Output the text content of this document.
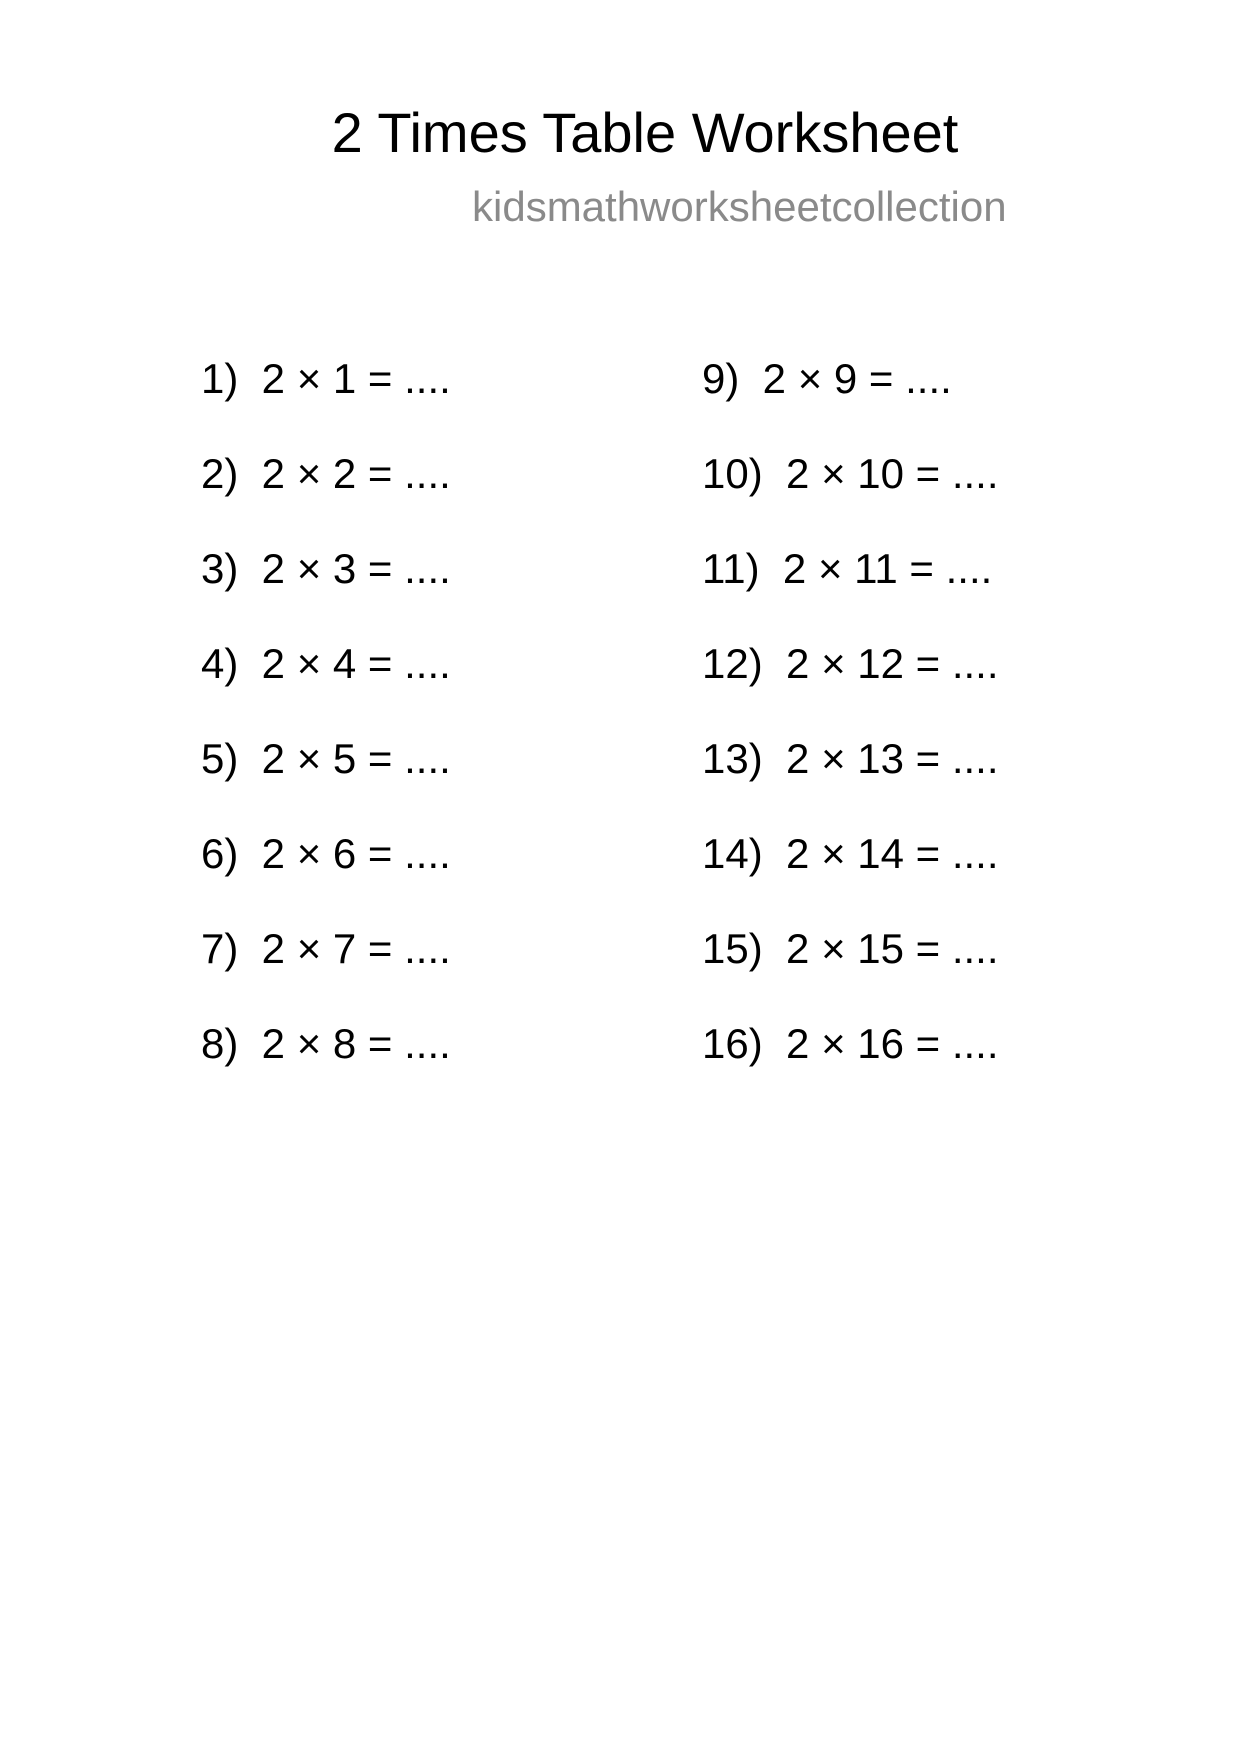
2 Times Table Worksheet
kidsmathworksheetcollection
1)  2 × 1 = ....
2)  2 × 2 = ....
3)  2 × 3 = ....
4)  2 × 4 = ....
5)  2 × 5 = ....
6)  2 × 6 = ....
7)  2 × 7 = ....
8)  2 × 8 = ....
9)  2 × 9 = ....
10)  2 × 10 = ....
11)  2 × 11 = ....
12)  2 × 12 = ....
13)  2 × 13 = ....
14)  2 × 14 = ....
15)  2 × 15 = ....
16)  2 × 16 = ....
